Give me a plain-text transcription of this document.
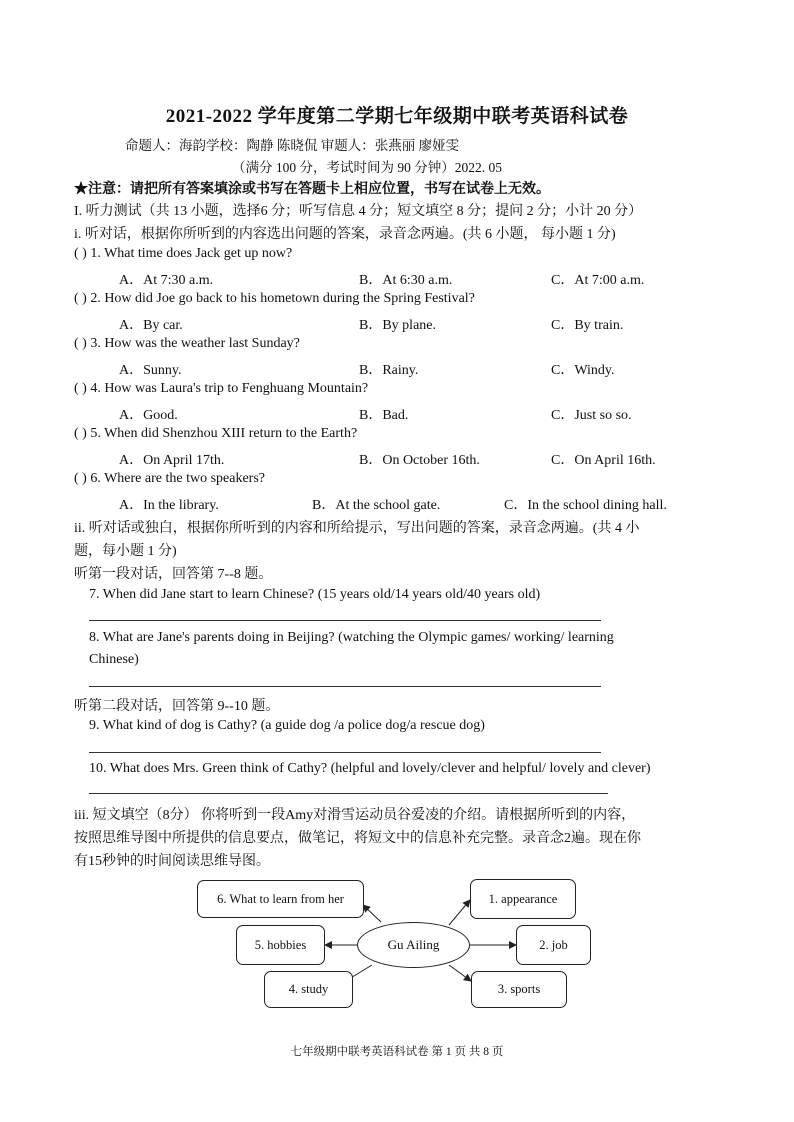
2021-2022 学年度第二学期七年级期中联考英语科试卷
命题人：海韵学校：陶静 陈晓侃 审题人：张燕丽 廖娅雯
（满分 100 分，考试时间为 90 分钟）2022. 05
★注意：请把所有答案填涂或书写在答题卡上相应位置，书写在试卷上无效。
I. 听力测试（共 13 小题，选择6 分；听写信息 4 分；短文填空 8 分；提问 2 分；小计 20 分）
i. 听对话，根据你所听到的内容选出问题的答案，录音念两遍。(共 6 小题， 每小题 1 分)
( ) 1. What time does Jack get up now?
A．At 7:30 a.m.	B．At 6:30 a.m.	C．At 7:00 a.m.
( ) 2. How did Joe go back to his hometown during the Spring Festival?
A．By car.	B．By plane.	C．By train.
( ) 3. How was the weather last Sunday?
A．Sunny.	B．Rainy.	C．Windy.
( ) 4. How was Laura's trip to Fenghuang Mountain?
A．Good.	B．Bad.	C．Just so so.
( ) 5. When did Shenzhou XIII return to the Earth?
A．On April 17th.	B．On October 16th.	C．On April 16th.
( ) 6. Where are the two speakers?
A．In the library.	B．At the school gate.	C．In the school dining hall.
ii. 听对话或独白，根据你所听到的内容和所给提示，写出问题的答案，录音念两遍。(共 4 小
题，每小题 1 分)
听第一段对话，回答第 7--8 题。
7. When did Jane start to learn Chinese? (15 years old/14 years old/40 years old)
8. What are Jane's parents doing in Beijing? (watching the Olympic games/ working/ learning
Chinese)
听第二段对话，回答第 9--10 题。
9. What kind of dog is Cathy? (a guide dog /a police dog/a rescue dog)
10. What does Mrs. Green think of Cathy? (helpful and lovely/clever and helpful/ lovely and clever)
iii. 短文填空（8分） 你将听到一段Amy对滑雪运动员谷爱凌的介绍。请根据所听到的内容，
按照思维导图中所提供的信息要点，做笔记，将短文中的信息补充完整。录音念2遍。现在你
有15秒钟的时间阅读思维导图。
Gu Ailing
6. What to learn from her	1. appearance
5. hobbies	2. job
4. study	3. sports
七年级期中联考英语科试卷 第 1 页 共 8 页
